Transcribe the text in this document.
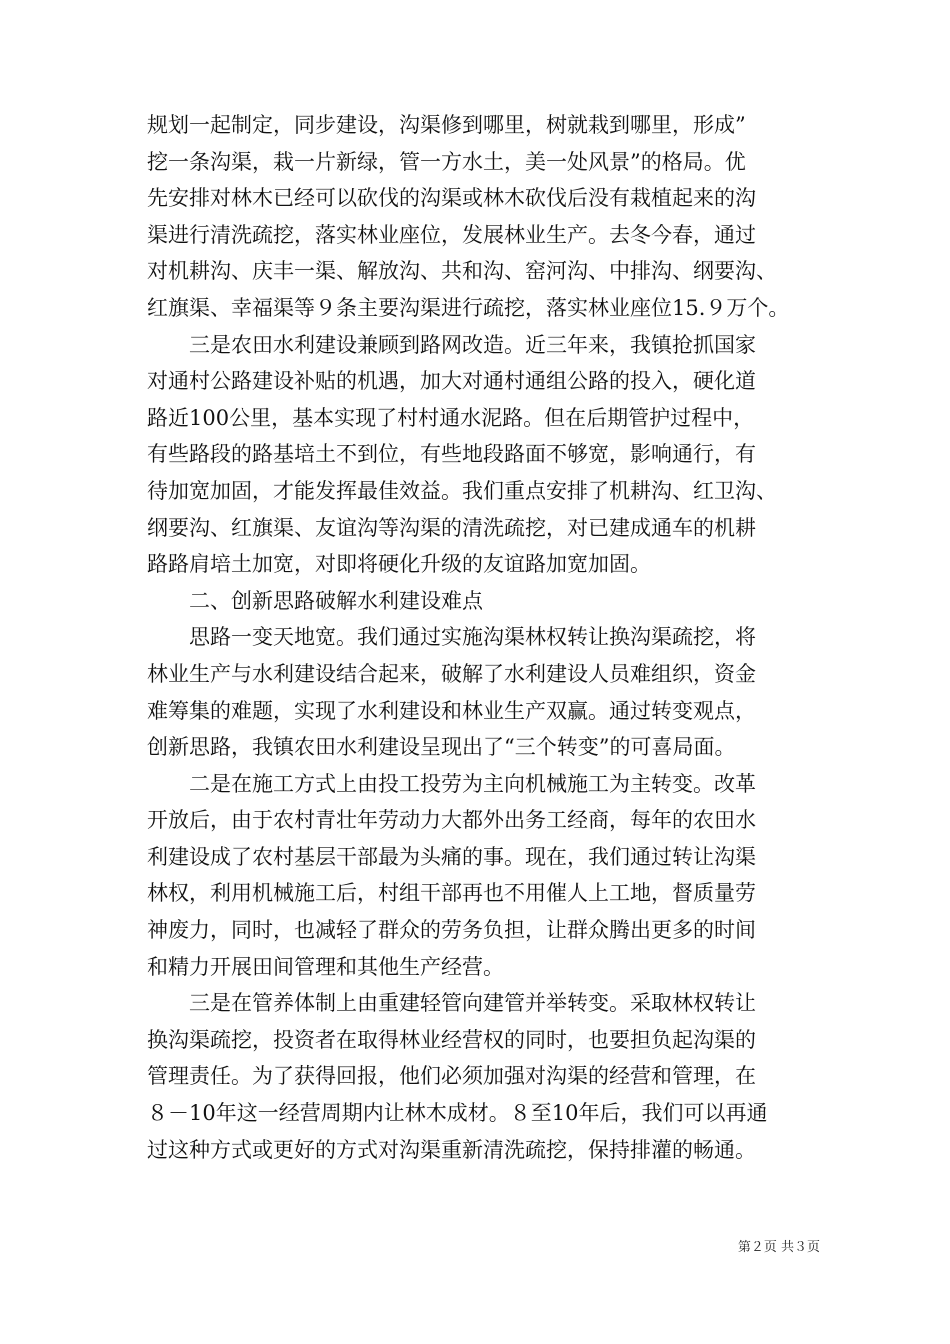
规划一起制定，同步建设，沟渠修到哪里，树就栽到哪里，形成”
挖一条沟渠，栽一片新绿，管一方水土，美一处风景”的格局。优
先安排对林木已经可以砍伐的沟渠或林木砍伐后没有栽植起来的沟
渠进行清洗疏挖，落实林业座位，发展林业生产。去冬今春，通过
对机耕沟、庆丰一渠、解放沟、共和沟、窑河沟、中排沟、纲要沟、
红旗渠、幸福渠等９条主要沟渠进行疏挖，落实林业座位15.９万个。
三是农田水利建设兼顾到路网改造。近三年来，我镇抢抓国家
对通村公路建设补贴的机遇，加大对通村通组公路的投入，硬化道
路近100公里，基本实现了村村通水泥路。但在后期管护过程中，
有些路段的路基培土不到位，有些地段路面不够宽，影响通行，有
待加宽加固，才能发挥最佳效益。我们重点安排了机耕沟、红卫沟、
纲要沟、红旗渠、友谊沟等沟渠的清洗疏挖，对已建成通车的机耕
路路肩培土加宽，对即将硬化升级的友谊路加宽加固。
二、创新思路破解水利建设难点
思路一变天地宽。我们通过实施沟渠林权转让换沟渠疏挖，将
林业生产与水利建设结合起来，破解了水利建设人员难组织，资金
难筹集的难题，实现了水利建设和林业生产双赢。通过转变观点，
创新思路，我镇农田水利建设呈现出了“三个转变”的可喜局面。
二是在施工方式上由投工投劳为主向机械施工为主转变。改革
开放后，由于农村青壮年劳动力大都外出务工经商，每年的农田水
利建设成了农村基层干部最为头痛的事。现在，我们通过转让沟渠
林权，利用机械施工后，村组干部再也不用催人上工地，督质量劳
神废力，同时，也减轻了群众的劳务负担，让群众腾出更多的时间
和精力开展田间管理和其他生产经营。
三是在管养体制上由重建轻管向建管并举转变。采取林权转让
换沟渠疏挖，投资者在取得林业经营权的同时，也要担负起沟渠的
管理责任。为了获得回报，他们必须加强对沟渠的经营和管理，在
８－10年这一经营周期内让林木成材。８至10年后，我们可以再通
过这种方式或更好的方式对沟渠重新清洗疏挖，保持排灌的畅通。
第２页 共３页
